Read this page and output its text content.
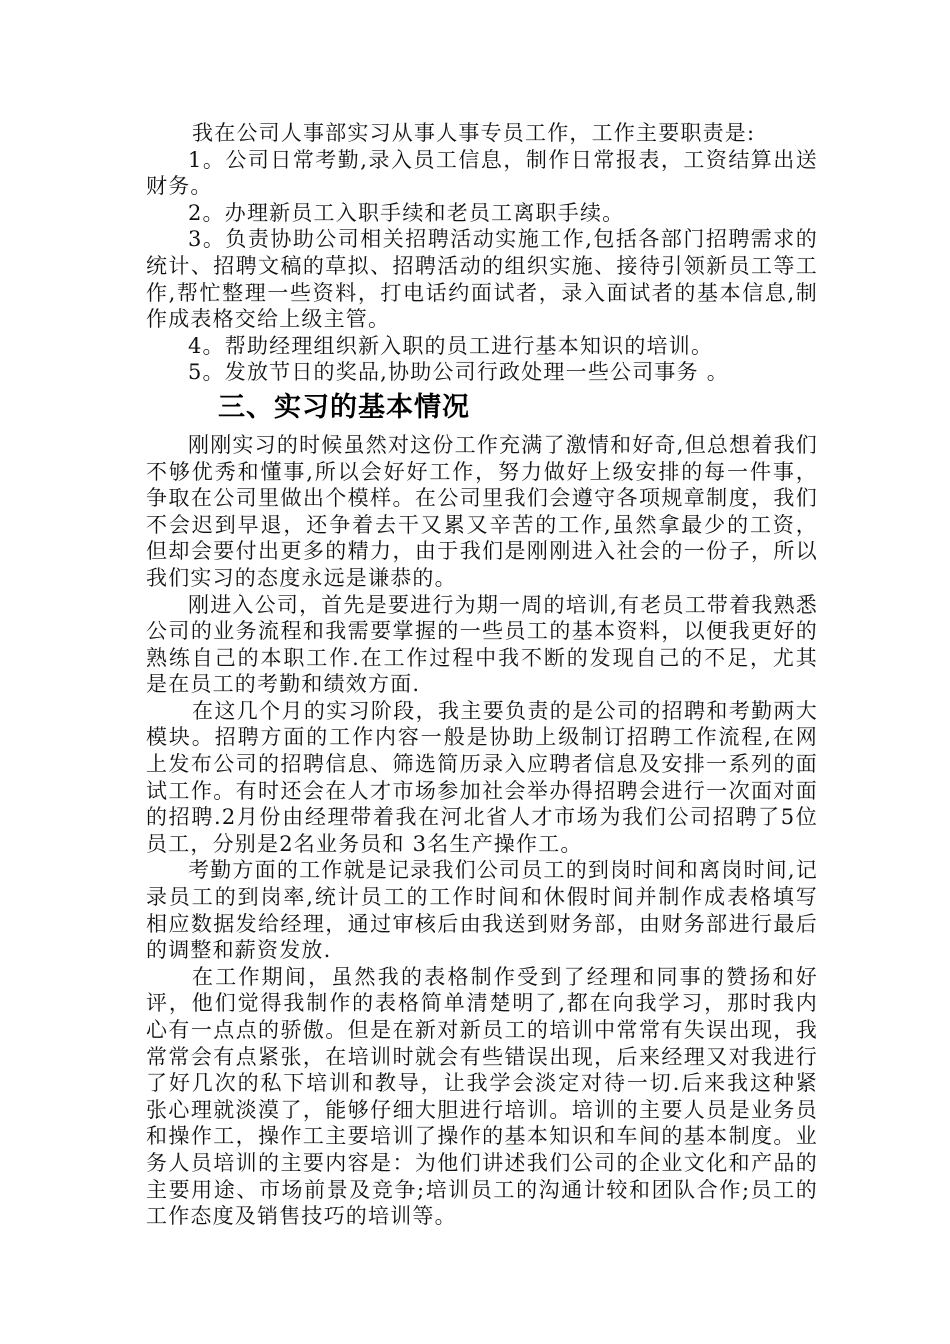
我在公司人事部实习从事人事专员工作，工作主要职责是:

1。公司日常考勤,录入员工信息，制作日常报表，工资结算出送财务。

2。办理新员工入职手续和老员工离职手续。

3。负责协助公司相关招聘活动实施工作,包括各部门招聘需求的统计、招聘文稿的草拟、招聘活动的组织实施、接待引领新员工等工作,帮忙整理一些资料，打电话约面试者，录入面试者的基本信息,制作成表格交给上级主管。

4。帮助经理组织新入职的员工进行基本知识的培训。

5。发放节日的奖品,协助公司行政处理一些公司事务 。

三、实习的基本情况

刚刚实习的时候虽然对这份工作充满了激情和好奇,但总想着我们不够优秀和懂事,所以会好好工作，努力做好上级安排的每一件事，争取在公司里做出个模样。在公司里我们会遵守各项规章制度，我们不会迟到早退，还争着去干又累又辛苦的工作,虽然拿最少的工资，但却会要付出更多的精力，由于我们是刚刚进入社会的一份子，所以我们实习的态度永远是谦恭的。

刚进入公司，首先是要进行为期一周的培训,有老员工带着我熟悉公司的业务流程和我需要掌握的一些员工的基本资料，以便我更好的熟练自己的本职工作.在工作过程中我不断的发现自己的不足，尤其是在员工的考勤和绩效方面.

在这几个月的实习阶段，我主要负责的是公司的招聘和考勤两大模块。招聘方面的工作内容一般是协助上级制订招聘工作流程,在网上发布公司的招聘信息、筛选简历录入应聘者信息及安排一系列的面试工作。有时还会在人才市场参加社会举办得招聘会进行一次面对面的招聘.2月份由经理带着我在河北省人才市场为我们公司招聘了5位员工，分别是2名业务员和 3名生产操作工。

考勤方面的工作就是记录我们公司员工的到岗时间和离岗时间,记录员工的到岗率,统计员工的工作时间和休假时间并制作成表格填写相应数据发给经理，通过审核后由我送到财务部，由财务部进行最后的调整和薪资发放.

在工作期间，虽然我的表格制作受到了经理和同事的赞扬和好评，他们觉得我制作的表格简单清楚明了,都在向我学习，那时我内心有一点点的骄傲。但是在新对新员工的培训中常常有失误出现，我常常会有点紧张，在培训时就会有些错误出现，后来经理又对我进行了好几次的私下培训和教导，让我学会淡定对待一切.后来我这种紧张心理就淡漠了，能够仔细大胆进行培训。培训的主要人员是业务员和操作工，操作工主要培训了操作的基本知识和车间的基本制度。业务人员培训的主要内容是：为他们讲述我们公司的企业文化和产品的主要用途、市场前景及竞争;培训员工的沟通计较和团队合作;员工的工作态度及销售技巧的培训等。
